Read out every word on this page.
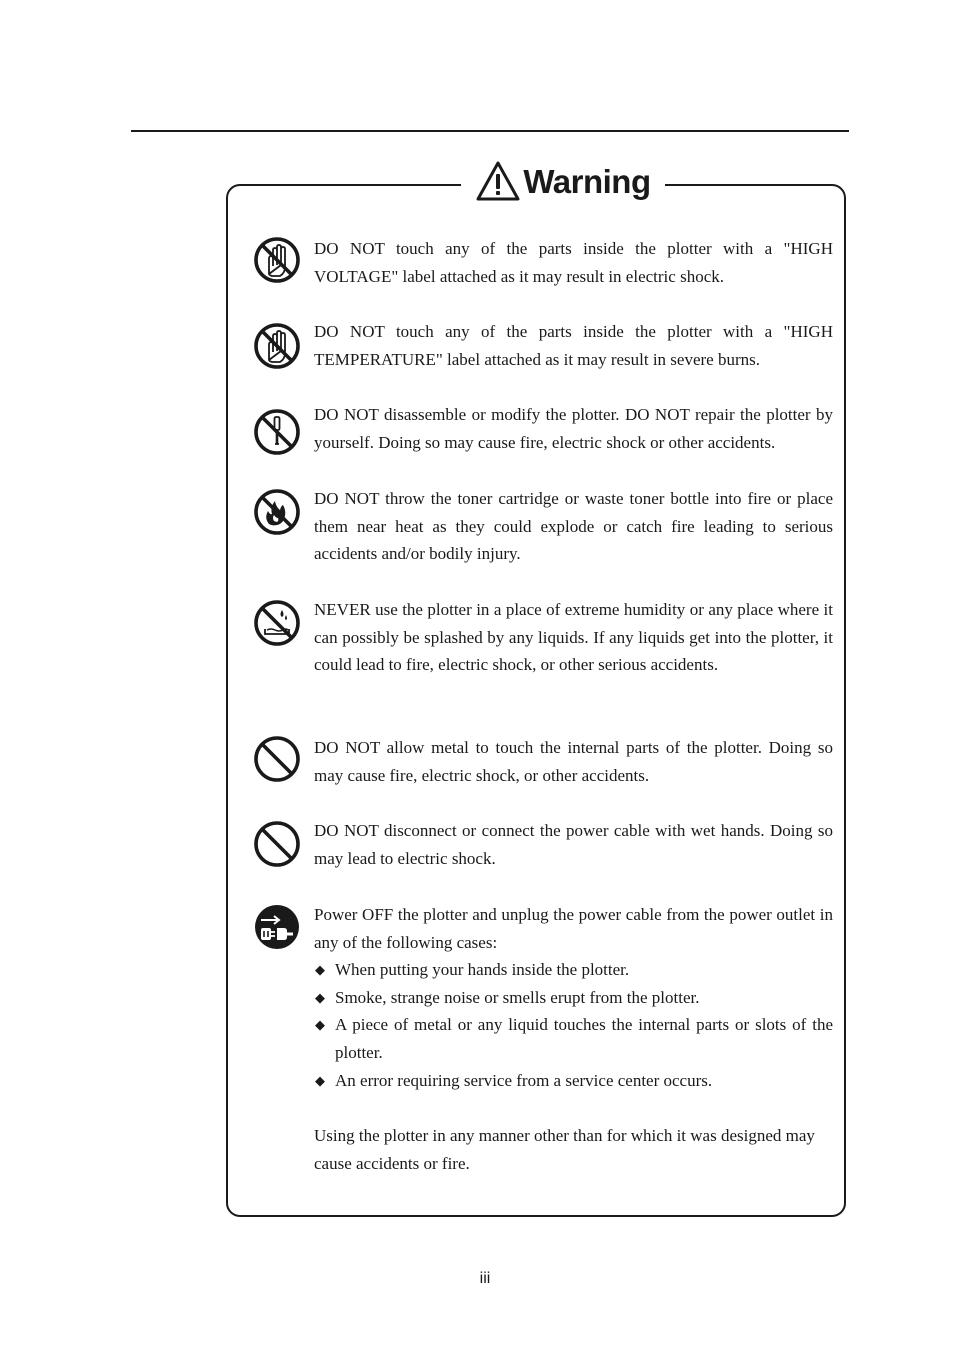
Warning

DO NOT touch any of the parts inside the plotter with a "HIGH VOLTAGE" label attached as it may result in electric shock.

DO NOT touch any of the parts inside the plotter with a "HIGH TEMPERATURE" label attached as it may result in severe burns.

DO NOT disassemble or modify the plotter. DO NOT repair the plotter by yourself. Doing so may cause fire, electric shock or other accidents.

DO NOT throw the toner cartridge or waste toner bottle into fire or place them near heat as they could explode or catch fire leading to serious accidents and/or bodily injury.

NEVER use the plotter in a place of extreme humidity or any place where it can possibly be splashed by any liquids. If any liquids get into the plotter, it could lead to fire, electric shock, or other serious accidents.

DO NOT allow metal to touch the internal parts of the plotter. Doing so may cause fire, electric shock, or other accidents.

DO NOT disconnect or connect the power cable with wet hands. Doing so may lead to electric shock.

Power OFF the plotter and unplug the power cable from the power outlet in any of the following cases:

◆ When putting your hands inside the plotter.
◆ Smoke, strange noise or smells erupt from the plotter.
◆ A piece of metal or any liquid touches the internal parts or slots of the plotter.
◆ An error requiring service from a service center occurs.

Using the plotter in any manner other than for which it was designed may cause accidents or fire.

iii
